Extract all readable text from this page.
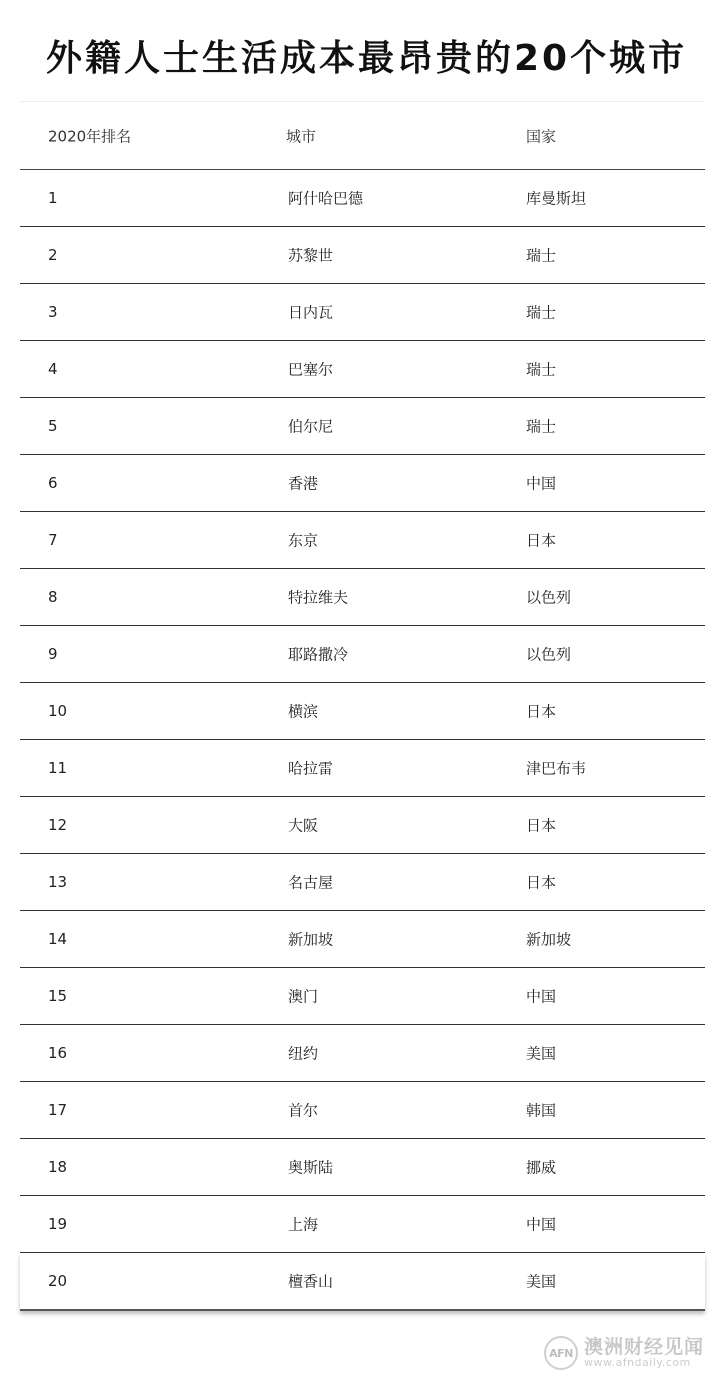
外籍人士生活成本最昂贵的20个城市
2020年排名	城市	国家
1	阿什哈巴德	库曼斯坦
2	苏黎世	瑞士
3	日内瓦	瑞士
4	巴塞尔	瑞士
5	伯尔尼	瑞士
6	香港	中国
7	东京	日本
8	特拉维夫	以色列
9	耶路撒冷	以色列
10	横滨	日本
11	哈拉雷	津巴布韦
12	大阪	日本
13	名古屋	日本
14	新加坡	新加坡
15	澳门	中国
16	纽约	美国
17	首尔	韩国
18	奥斯陆	挪威
19	上海	中国
20	檀香山	美国
AFN 澳洲财经见闻
www.afndaily.com
